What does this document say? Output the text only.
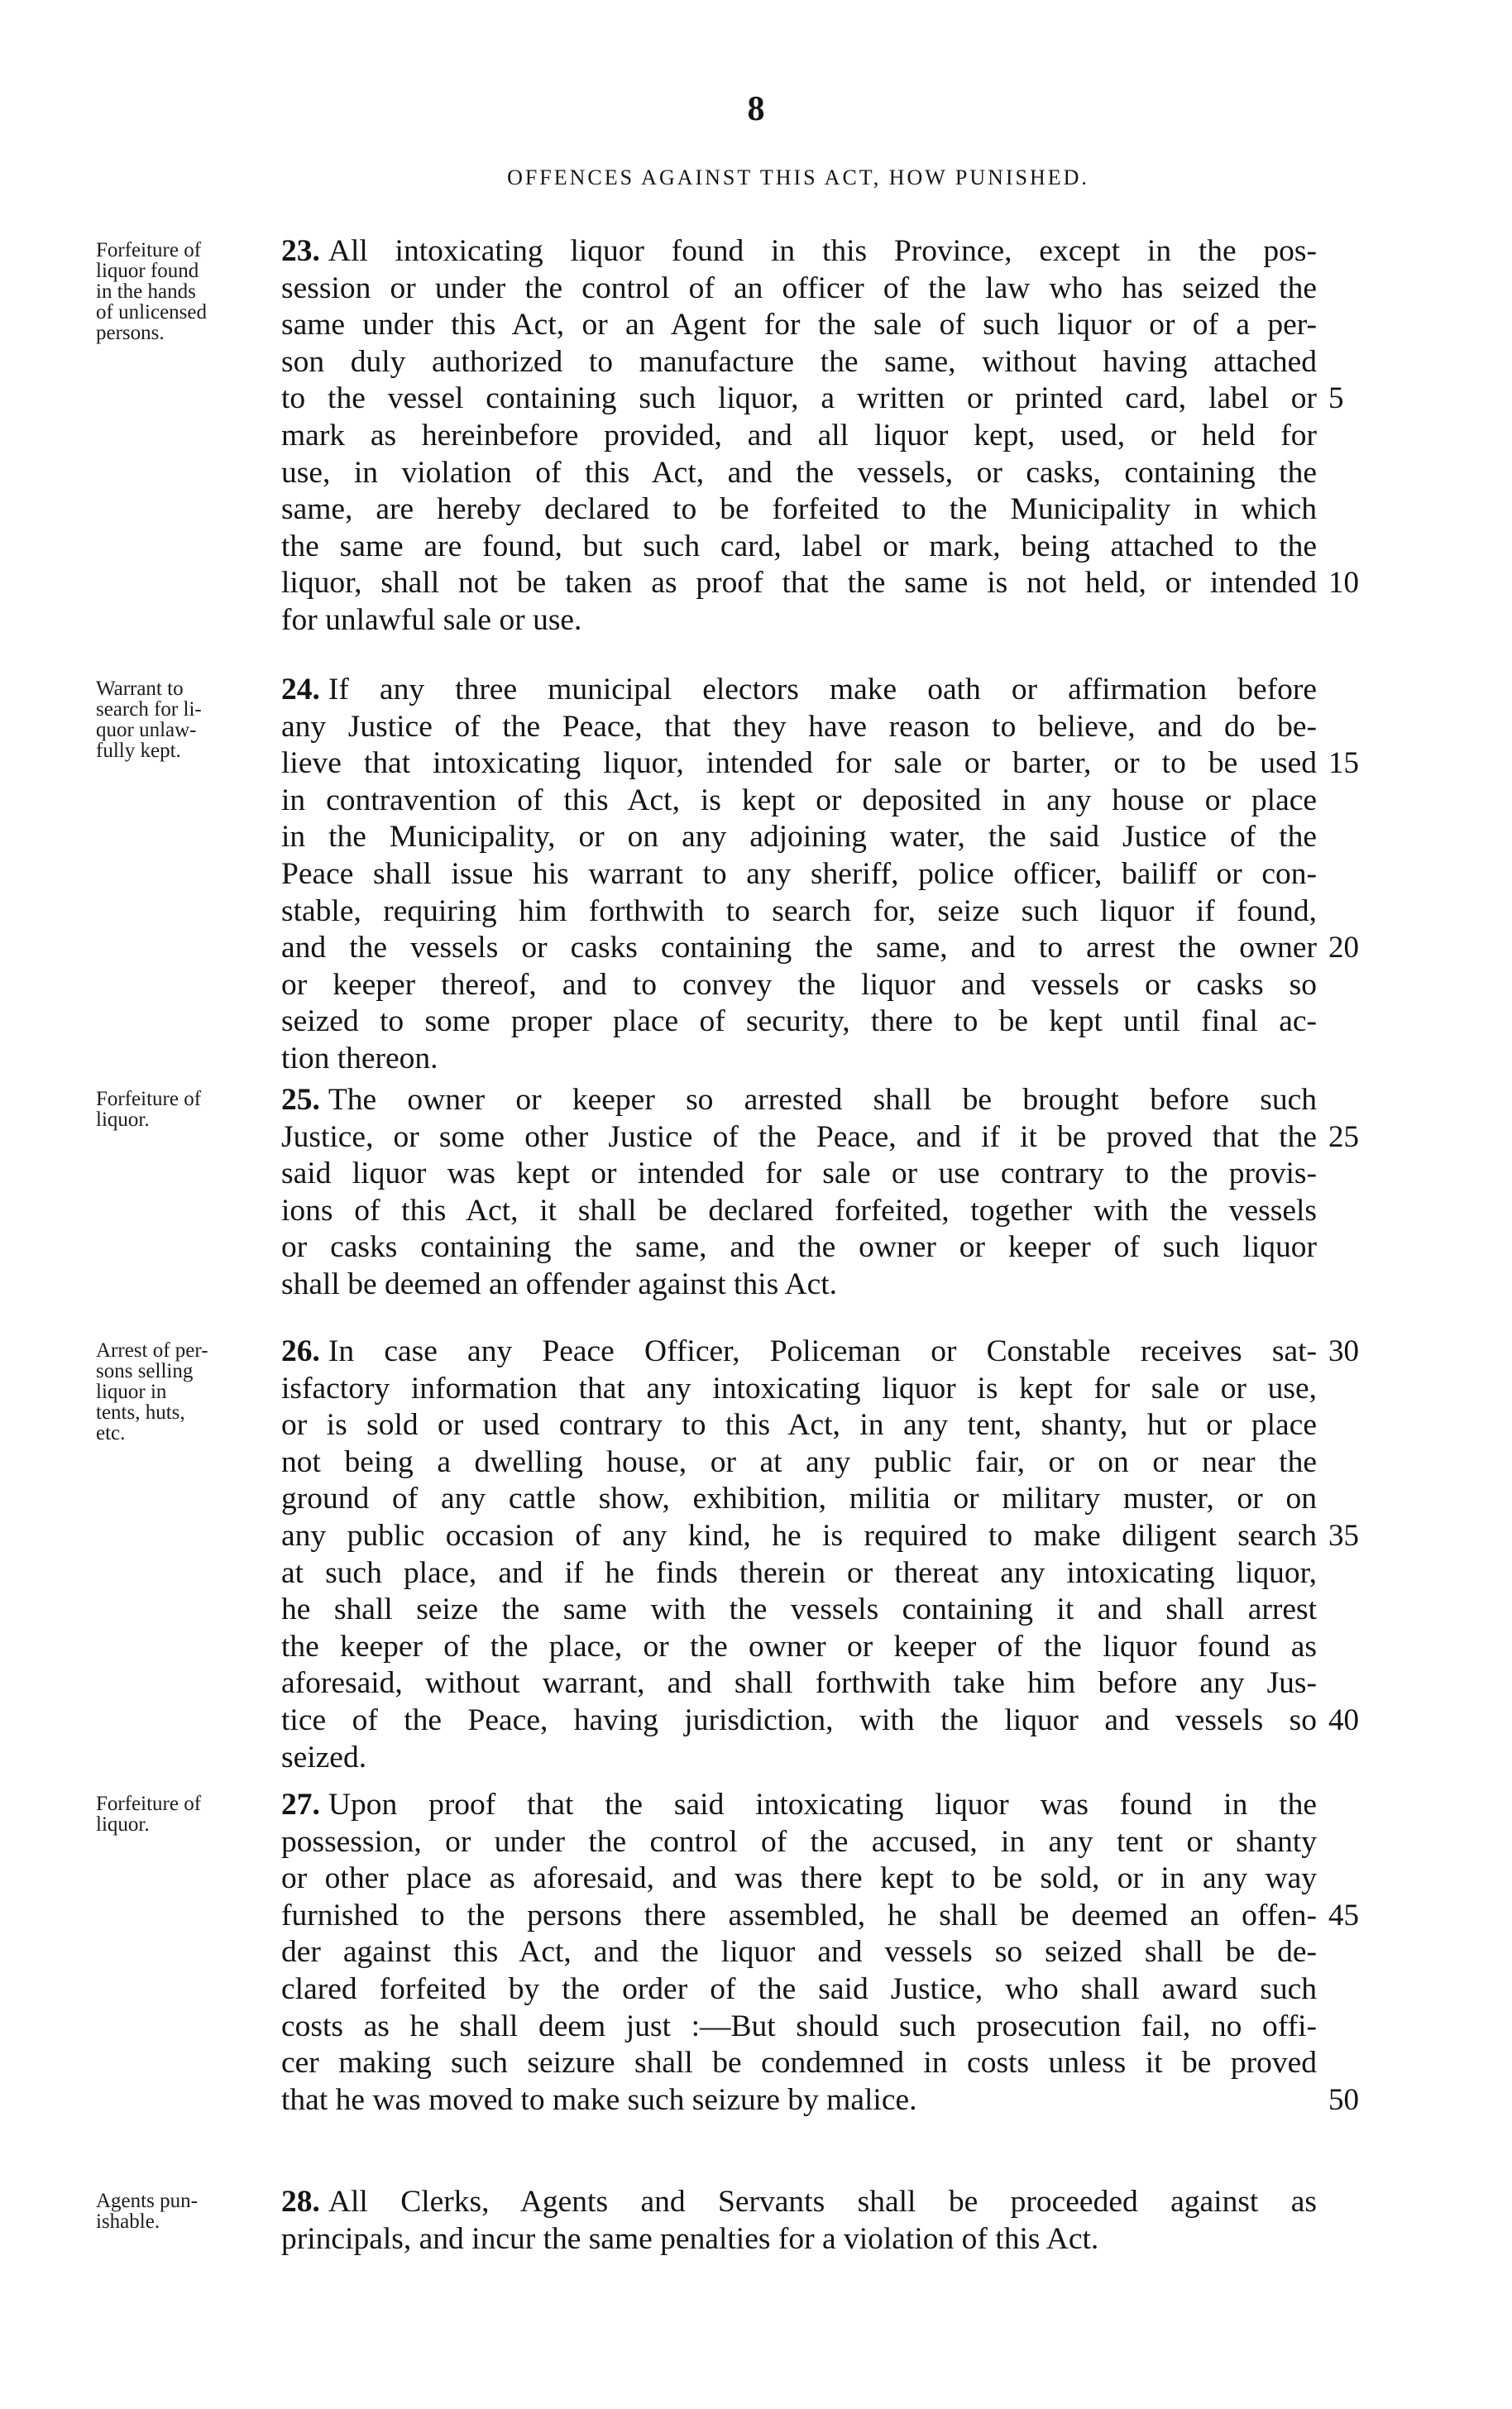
8

OFFENCES AGAINST THIS ACT, HOW PUNISHED.

Forfeiture of
liquor found
in the hands
of unlicensed
persons.
23. All intoxicating liquor found in this Province, except in the pos-
session or under the control of an officer of the law who has seized the
same under this Act, or an Agent for the sale of such liquor or of a per-
son duly authorized to manufacture the same, without having attached
to the vessel containing such liquor, a written or printed card, label or
mark as hereinbefore provided, and all liquor kept, used, or held for
use, in violation of this Act, and the vessels, or casks, containing the
same, are hereby declared to be forfeited to the Municipality in which
the same are found, but such card, label or mark, being attached to the
liquor, shall not be taken as proof that the same is not held, or intended
for unlawful sale or use.
5
10
Warrant to
search for li-
quor unlaw-
fully kept.
24. If any three municipal electors make oath or affirmation before
any Justice of the Peace, that they have reason to believe, and do be-
lieve that intoxicating liquor, intended for sale or barter, or to be used
in contravention of this Act, is kept or deposited in any house or place
in the Municipality, or on any adjoining water, the said Justice of the
Peace shall issue his warrant to any sheriff, police officer, bailiff or con-
stable, requiring him forthwith to search for, seize such liquor if found,
and the vessels or casks containing the same, and to arrest the owner
or keeper thereof, and to convey the liquor and vessels or casks so
seized to some proper place of security, there to be kept until final ac-
tion thereon.
15
20
Forfeiture of
liquor.
25. The owner or keeper so arrested shall be brought before such
Justice, or some other Justice of the Peace, and if it be proved that the
said liquor was kept or intended for sale or use contrary to the provis-
ions of this Act, it shall be declared forfeited, together with the vessels
or casks containing the same, and the owner or keeper of such liquor
shall be deemed an offender against this Act.
25
Arrest of per-
sons selling
liquor in
tents, huts,
etc.
26. In case any Peace Officer, Policeman or Constable receives sat-
isfactory information that any intoxicating liquor is kept for sale or use,
or is sold or used contrary to this Act, in any tent, shanty, hut or place
not being a dwelling house, or at any public fair, or on or near the
ground of any cattle show, exhibition, militia or military muster, or on
any public occasion of any kind, he is required to make diligent search
at such place, and if he finds therein or thereat any intoxicating liquor,
he shall seize the same with the vessels containing it and shall arrest
the keeper of the place, or the owner or keeper of the liquor found as
aforesaid, without warrant, and shall forthwith take him before any Jus-
tice of the Peace, having jurisdiction, with the liquor and vessels so
seized.
30
35
40
Forfeiture of
liquor.
27. Upon proof that the said intoxicating liquor was found in the
possession, or under the control of the accused, in any tent or shanty
or other place as aforesaid, and was there kept to be sold, or in any way
furnished to the persons there assembled, he shall be deemed an offen-
der against this Act, and the liquor and vessels so seized shall be de-
clared forfeited by the order of the said Justice, who shall award such
costs as he shall deem just :—But should such prosecution fail, no offi-
cer making such seizure shall be condemned in costs unless it be proved
that he was moved to make such seizure by malice.
45
50
Agents pun-
ishable.
28. All Clerks, Agents and Servants shall be proceeded against as
principals, and incur the same penalties for a violation of this Act.
